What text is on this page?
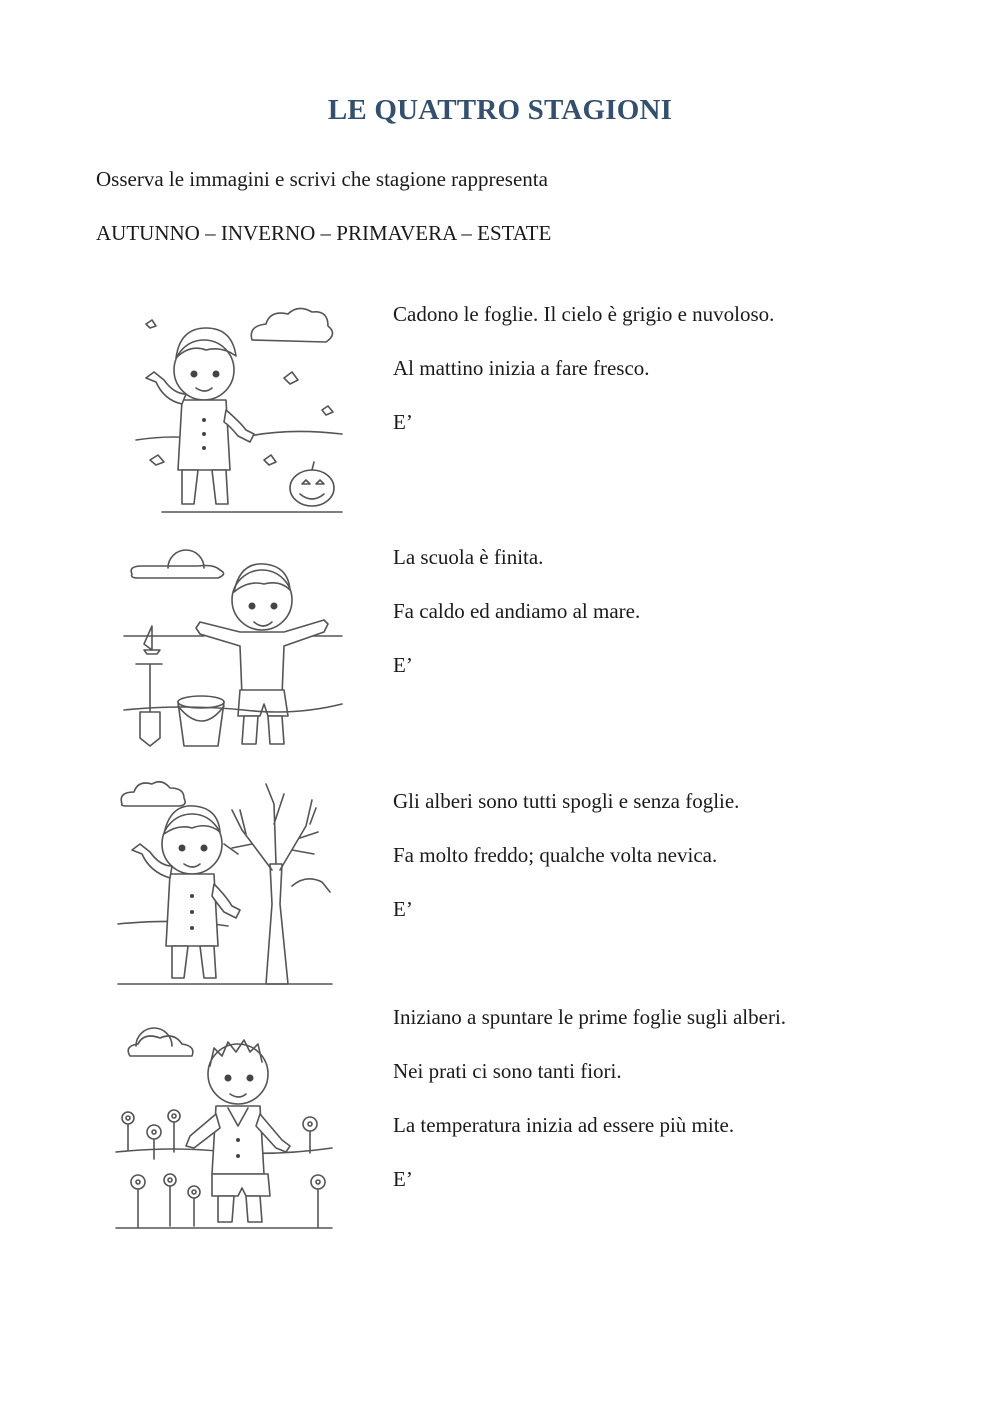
LE QUATTRO STAGIONI
Osserva le immagini e scrivi che stagione rappresenta
AUTUNNO – INVERNO – PRIMAVERA – ESTATE
Cadono le foglie. Il cielo è grigio e nuvoloso.
Al mattino inizia a fare fresco.
E’
La scuola è finita.
Fa caldo ed andiamo al mare.
E’
Gli alberi sono tutti spogli e senza foglie.
Fa molto freddo; qualche volta nevica.
E’
Iniziano a spuntare le prime foglie sugli alberi.
Nei prati ci sono tanti fiori.
La temperatura inizia ad essere più mite.
E’
